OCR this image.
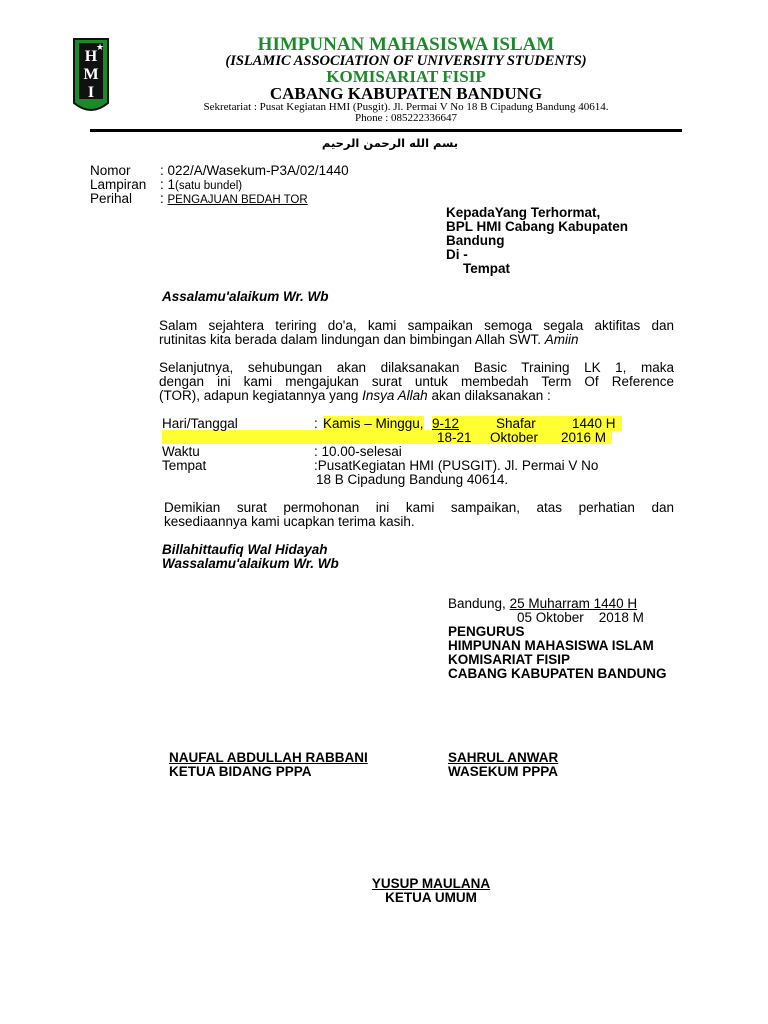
H
M
I
★	HIMPUNAN MAHASISWA ISLAM
(ISLAMIC ASSOCIATION OF UNIVERSITY STUDENTS)
KOMISARIAT FISIP
CABANG KABUPATEN BANDUNG
Sekretariat : Pusat Kegiatan HMI (Pusgit). Jl. Permai V No 18 B Cipadung Bandung 40614.
Phone : 085222336647
بسم الله الرحمن الرحيم
Nomor : 022/A/Wasekum-P3A/02/1440
Lampiran : 1(satu bundel)
Perihal : PENGAJUAN BEDAH TOR
KepadaYang Terhormat,
BPL HMI Cabang Kabupaten
Bandung
Di -
Tempat
Assalamu'alaikum Wr. Wb
Salam sejahtera teriring do'a, kami sampaikan semoga segala aktifitas dan
rutinitas kita berada dalam lindungan dan bimbingan Allah SWT. Amiin
Selanjutnya, sehubungan akan dilaksanakan Basic Training LK 1, maka
dengan ini kami mengajukan surat untuk membedah Term Of Reference
(TOR), adapun kegiatannya yang Insya Allah akan dilaksanakan :
Hari/Tanggal	: Kamis – Minggu, 9-12	Shafar	1440 H
18-21 Oktober 2016 M
Waktu	: 10.00-selesai
Tempat	:PusatKegiatan HMI (PUSGIT). Jl. Permai V No
18 B Cipadung Bandung 40614.
Demikian surat permohonan ini kami sampaikan, atas perhatian dan
kesediaannya kami ucapkan terima kasih.
Billahittaufiq Wal Hidayah
Wassalamu'alaikum Wr. Wb
Bandung, 25 Muharram 1440 H
05 Oktober    2018 M
PENGURUS
HIMPUNAN MAHASISWA ISLAM
KOMISARIAT FISIP
CABANG KABUPATEN BANDUNG
NAUFAL ABDULLAH RABBANI
KETUA BIDANG PPPA
SAHRUL ANWAR
WASEKUM PPPA
YUSUP MAULANA
KETUA UMUM
